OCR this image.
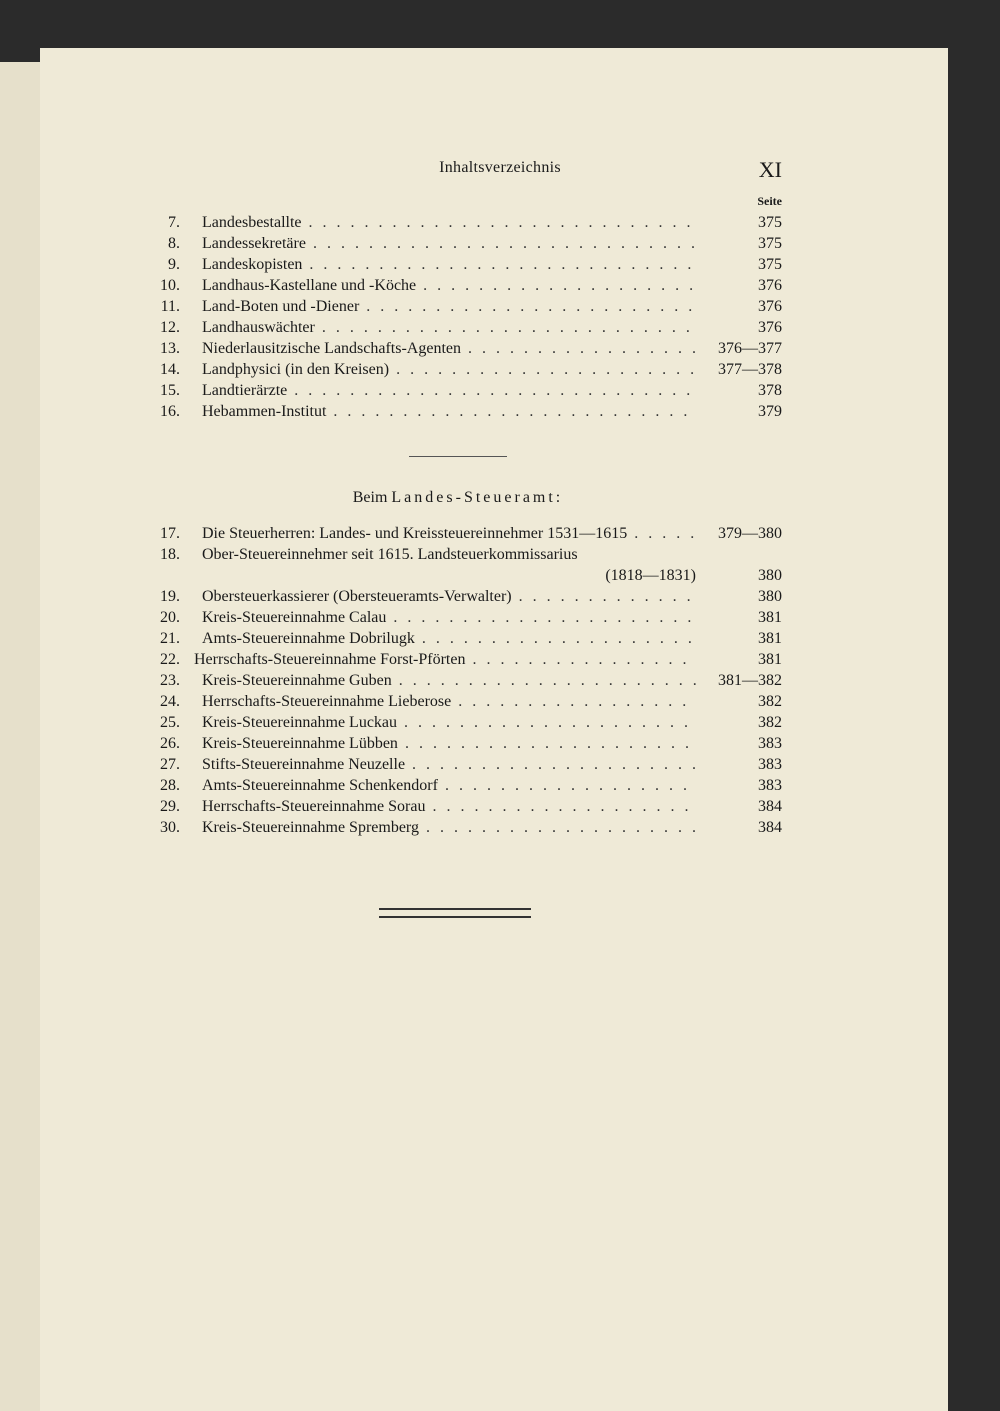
Inhaltsverzeichnis	XI
Seite
7. Landesbestallte . . .	375
8. Landessekretäre . . .	375
9. Landeskopisten . . .	375
10. Landhaus-Kastellane und -Köche . . .	376
11. Land-Boten und -Diener . . .	376
12. Landhauswächter . . .	376
13. Niederlausitzische Landschafts-Agenten . . .	376—377
14. Landphysici (in den Kreisen) . . .	377—378
15. Landtierärzte . . .	378
16. Hebammen-Institut . . .	379
Beim Landes-Steueramt:
17. Die Steuerherren: Landes- und Kreissteuereinnehmer 1531—1615 . . .	379—380
18. Ober-Steuereinnehmer seit 1615. Landsteuerkommissarius
(1818—1831)	380
19. Obersteuerkassierer (Obersteueramts-Verwalter) . . .	380
20. Kreis-Steuereinnahme Calau . . .	381
21. Amts-Steuereinnahme Dobrilugk . . .	381
22. Herrschafts-Steuereinnahme Forst-Pförten . . .	381
23. Kreis-Steuereinnahme Guben . . .	381—382
24. Herrschafts-Steuereinnahme Lieberose . . .	382
25. Kreis-Steuereinnahme Luckau . . .	382
26. Kreis-Steuereinnahme Lübben . . .	383
27. Stifts-Steuereinnahme Neuzelle . . .	383
28. Amts-Steuereinnahme Schenkendorf . . .	383
29. Herrschafts-Steuereinnahme Sorau . . .	384
30. Kreis-Steuereinnahme Spremberg . . .	384
